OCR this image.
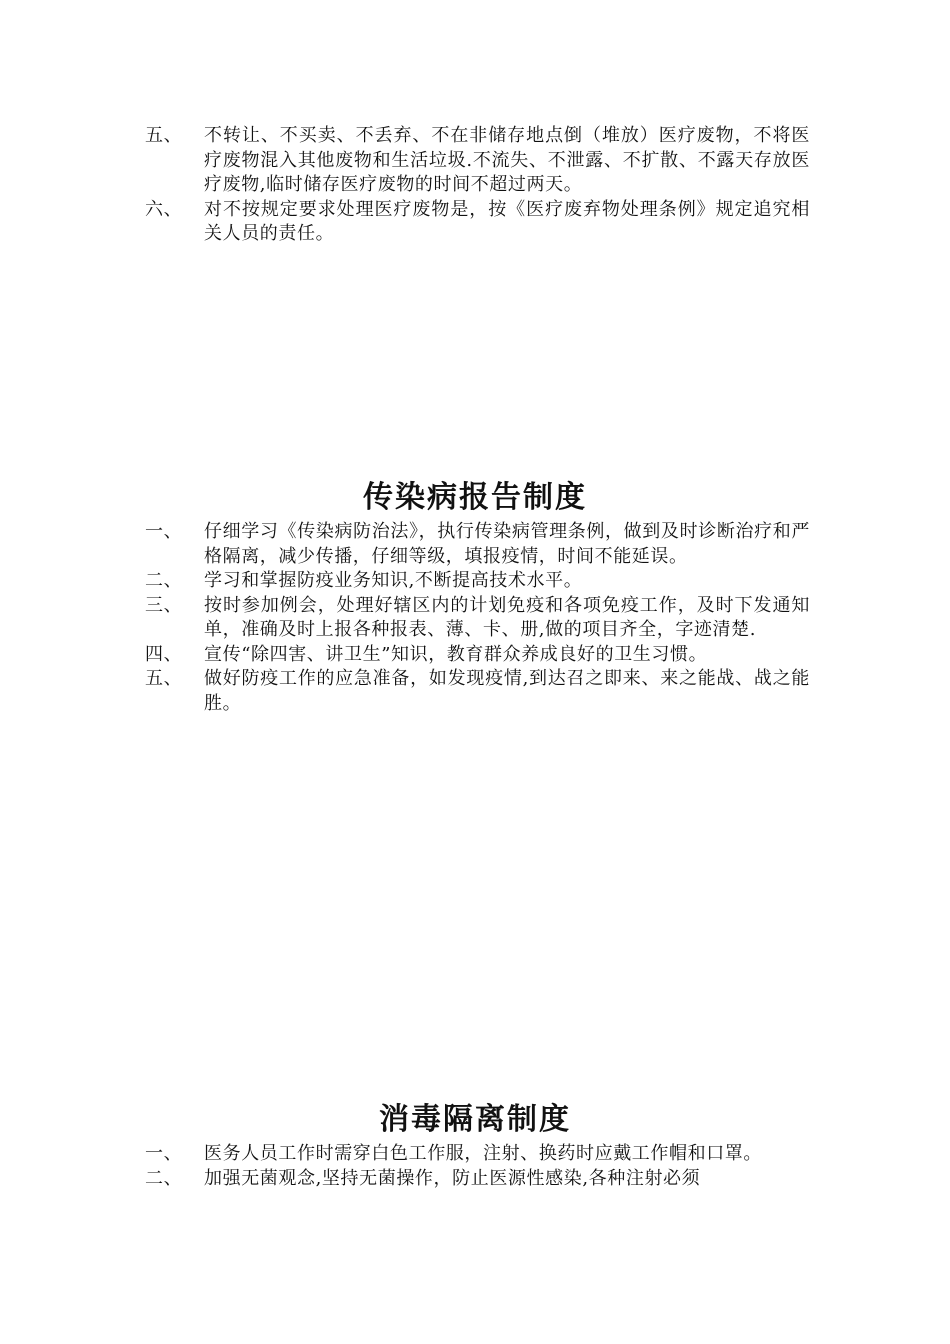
五、	不转让、不买卖、不丢弃、不在非储存地点倒（堆放）医疗废物，不将医疗废物混入其他废物和生活垃圾.不流失、不泄露、不扩散、不露天存放医疗废物,临时储存医疗废物的时间不超过两天。
六、	对不按规定要求处理医疗废物是，按《医疗废弃物处理条例》规定追究相关人员的责任。
传染病报告制度
一、	仔细学习《传染病防治法》，执行传染病管理条例，做到及时诊断治疗和严格隔离，减少传播，仔细等级，填报疫情，时间不能延误。
二、	学习和掌握防疫业务知识,不断提高技术水平。
三、	按时参加例会，处理好辖区内的计划免疫和各项免疫工作，及时下发通知单，准确及时上报各种报表、薄、卡、册,做的项目齐全，字迹清楚.
四、	宣传“除四害、讲卫生”知识，教育群众养成良好的卫生习惯。
五、	做好防疫工作的应急准备，如发现疫情,到达召之即来、来之能战、战之能胜。
消毒隔离制度
一、	医务人员工作时需穿白色工作服，注射、换药时应戴工作帽和口罩。
二、	加强无菌观念,坚持无菌操作，防止医源性感染,各种注射必须
